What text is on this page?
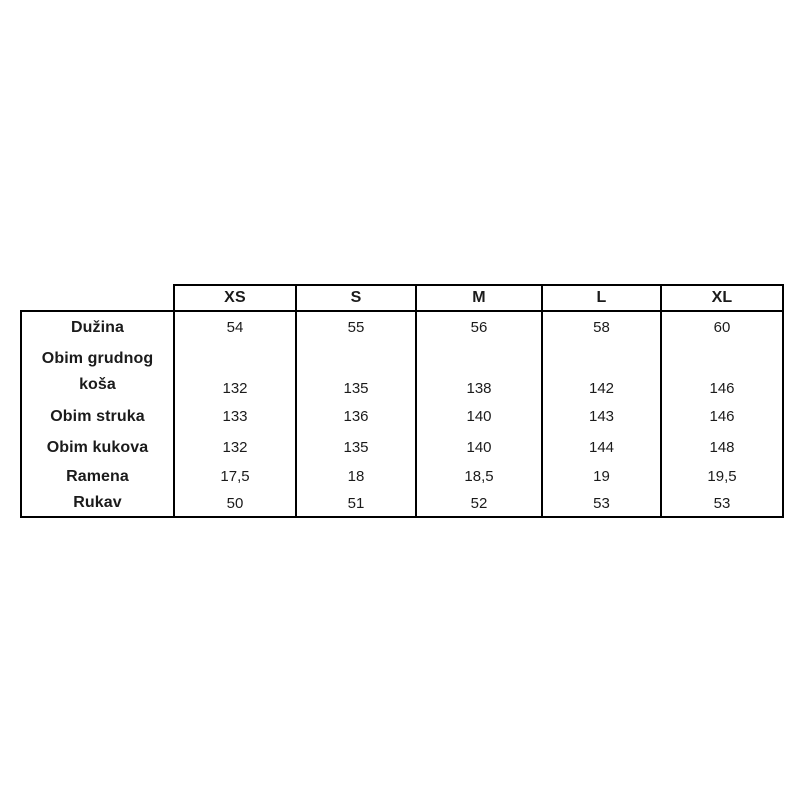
	XS	S	M	L	XL
Dužina	54	55	56	58	60
Obim grudnog koša	132	135	138	142	146
Obim struka	133	136	140	143	146
Obim kukova	132	135	140	144	148
Ramena	17,5	18	18,5	19	19,5
Rukav	50	51	52	53	53
